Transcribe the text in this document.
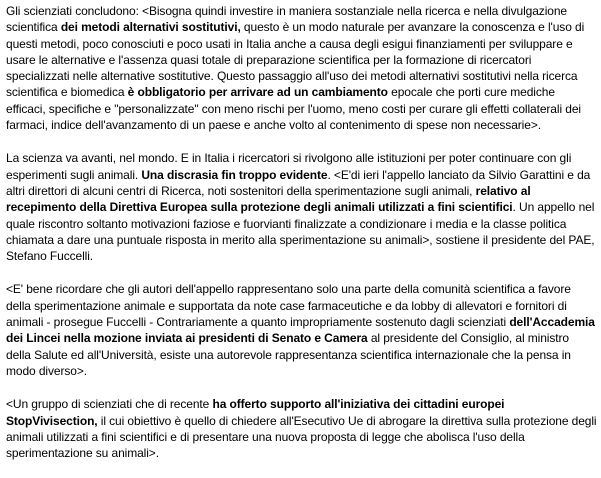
Gli scienziati concludono: <Bisogna quindi investire in maniera sostanziale nella ricerca e nella divulgazione scientifica dei metodi alternativi sostitutivi, questo è un modo naturale per avanzare la conoscenza e l'uso di questi metodi, poco conosciuti e poco usati in Italia anche a causa degli esigui finanziamenti per sviluppare e usare le alternative e l'assenza quasi totale di preparazione scientifica per la formazione di ricercatori specializzati nelle alternative sostitutive. Questo passaggio all'uso dei metodi alternativi sostitutivi nella ricerca scientifica e biomedica è obbligatorio per arrivare ad un cambiamento epocale che porti cure mediche efficaci, specifiche e "personalizzate" con meno rischi per l'uomo, meno costi per curare gli effetti collaterali dei farmaci, indice dell'avanzamento di un paese e anche volto al contenimento di spese non necessarie>.

La scienza va avanti, nel mondo. E in Italia i ricercatori si rivolgono alle istituzioni per poter continuare con gli esperimenti sugli animali. Una discrasia fin troppo evidente. <E'di ieri l'appello lanciato da Silvio Garattini e da altri direttori di alcuni centri di Ricerca, noti sostenitori della sperimentazione sugli animali, relativo al recepimento della Direttiva Europea sulla protezione degli animali utilizzati a fini scientifici. Un appello nel quale riscontro soltanto motivazioni faziose e fuorvianti finalizzate a condizionare i media e la classe politica chiamata a dare una puntuale risposta in merito alla sperimentazione su animali>, sostiene il presidente del PAE, Stefano Fuccelli.

<E' bene ricordare che gli autori dell'appello rappresentano solo una parte della comunità scientifica a favore della sperimentazione animale e supportata da note case farmaceutiche e da lobby di allevatori e fornitori di animali - prosegue Fuccelli - Contrariamente a quanto impropriamente sostenuto dagli scienziati dell'Accademia dei Lincei nella mozione inviata ai presidenti di Senato e Camera al presidente del Consiglio, al ministro della Salute ed all'Università, esiste una autorevole rappresentanza scientifica internazionale che la pensa in modo diverso>.

<Un gruppo di scienziati che di recente ha offerto supporto all'iniziativa dei cittadini europei StopVivisection, il cui obiettivo è quello di chiedere all'Esecutivo Ue di abrogare la direttiva sulla protezione degli animali utilizzati a fini scientifici e di presentare una nuova proposta di legge che abolisca l'uso della sperimentazione su animali>.
